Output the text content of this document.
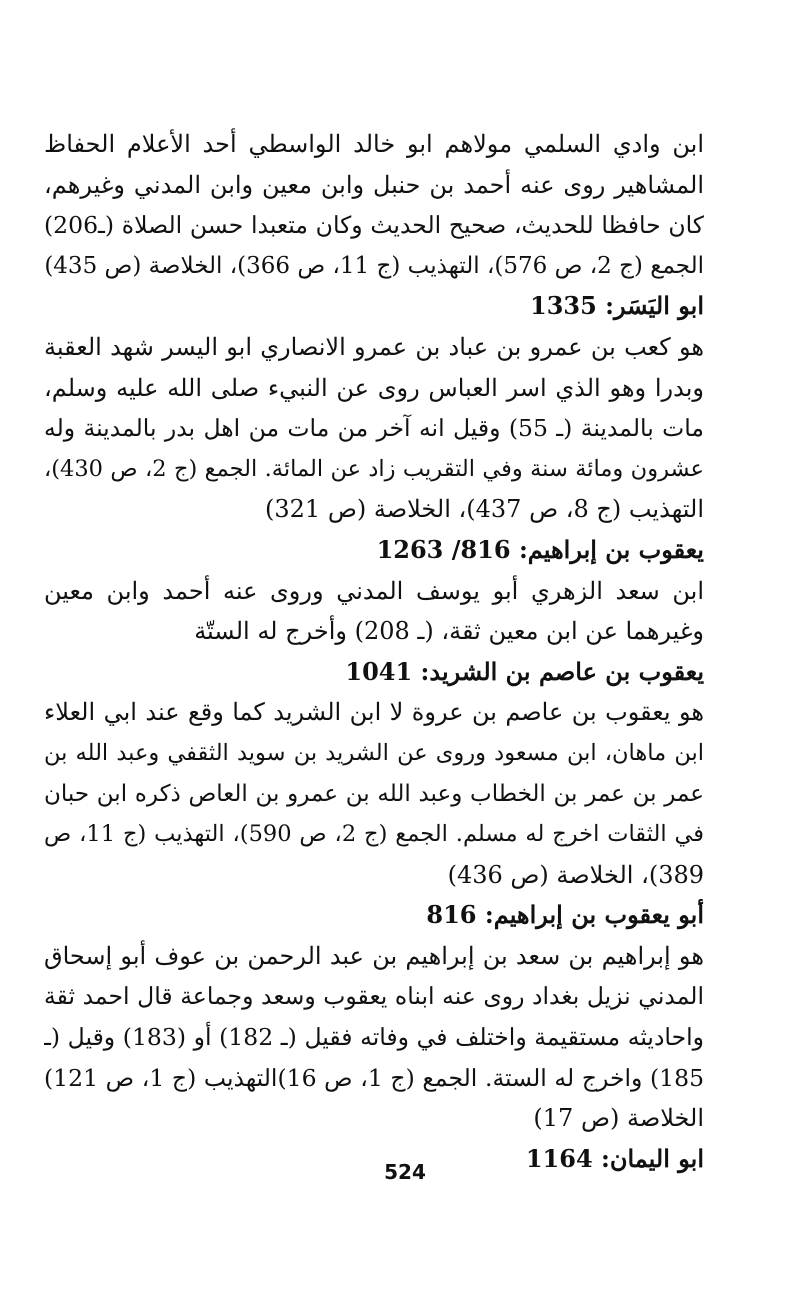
ابن وادي السلمي مولاهم ابو خالد الواسطي أحد الأعلام الحفاظ
المشاهير روى عنه أحمد بن حنبل وابن معين وابن المدني وغيرهم،
كان حافظا للحديث، صحيح الحديث وكان متعبدا حسن الصلاة (ـ206)
الجمع (ج 2، ص 576)، التهذيب (ج 11، ص 366)، الخلاصة (ص 435)
ابو اليَسَر: 1335
هو كعب بن عمرو بن عباد بن عمرو الانصاري ابو اليسر شهد العقبة
وبدرا وهو الذي اسر العباس روى عن النبيء صلى الله عليه وسلم،
مات بالمدينة (ـ 55) وقيل انه آخر من مات من اهل بدر بالمدينة وله
عشرون ومائة سنة وفي التقريب زاد عن المائة. الجمع (ج 2، ص 430)،
التهذيب (ج 8، ص 437)، الخلاصة (ص 321)
يعقوب بن إبراهيم: 816/ 1263
ابن سعد الزهري أبو يوسف المدني وروى عنه أحمد وابن معين
وغيرهما عن ابن معين ثقة، (ـ 208) وأخرج له الستّة
يعقوب بن عاصم بن الشريد: 1041
هو يعقوب بن عاصم بن عروة لا ابن الشريد كما وقع عند ابي العلاء
ابن ماهان، ابن مسعود وروى عن الشريد بن سويد الثقفي وعبد الله بن
عمر بن عمر بن الخطاب وعبد الله بن عمرو بن العاص ذكره ابن حبان
في الثقات اخرج له مسلم. الجمع (ج 2، ص 590)، التهذيب (ج 11، ص
389)، الخلاصة (ص 436)
أبو يعقوب بن إبراهيم: 816
هو إبراهيم بن سعد بن إبراهيم بن عبد الرحمن بن عوف أبو إسحاق
المدني نزيل بغداد روى عنه ابناه يعقوب وسعد وجماعة قال احمد ثقة
واحاديثه مستقيمة واختلف في وفاته فقيل (ـ 182) أو (183) وقيل (ـ
185) واخرج له الستة. الجمع (ج 1، ص 16)التهذيب (ج 1، ص 121)
الخلاصة (ص 17)
ابو اليمان: 1164
524
